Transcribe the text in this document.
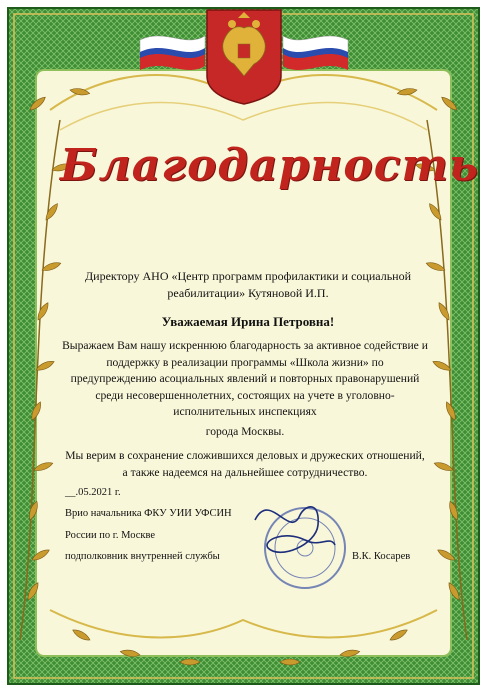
Благодарность
Директору АНО «Центр программ профилактики и социальной реабилитации» Кутяновой И.П.
Уважаемая Ирина Петровна!
Выражаем Вам нашу искреннюю благодарность за активное содействие и поддержку в реализации программы «Школа жизни» по предупреждению асоциальных явлений и повторных правонарушений среди несовершеннолетних, состоящих на учете в уголовно-исполнительных инспекциях
города Москвы.
Мы верим в сохранение сложившихся деловых и дружеских отношений, а также надеемся на дальнейшее сотрудничество.
__.05.2021 г.
Врио начальника ФКУ УИИ УФСИН
России по г. Москве
подполковник внутренней службы	В.К. Косарев
